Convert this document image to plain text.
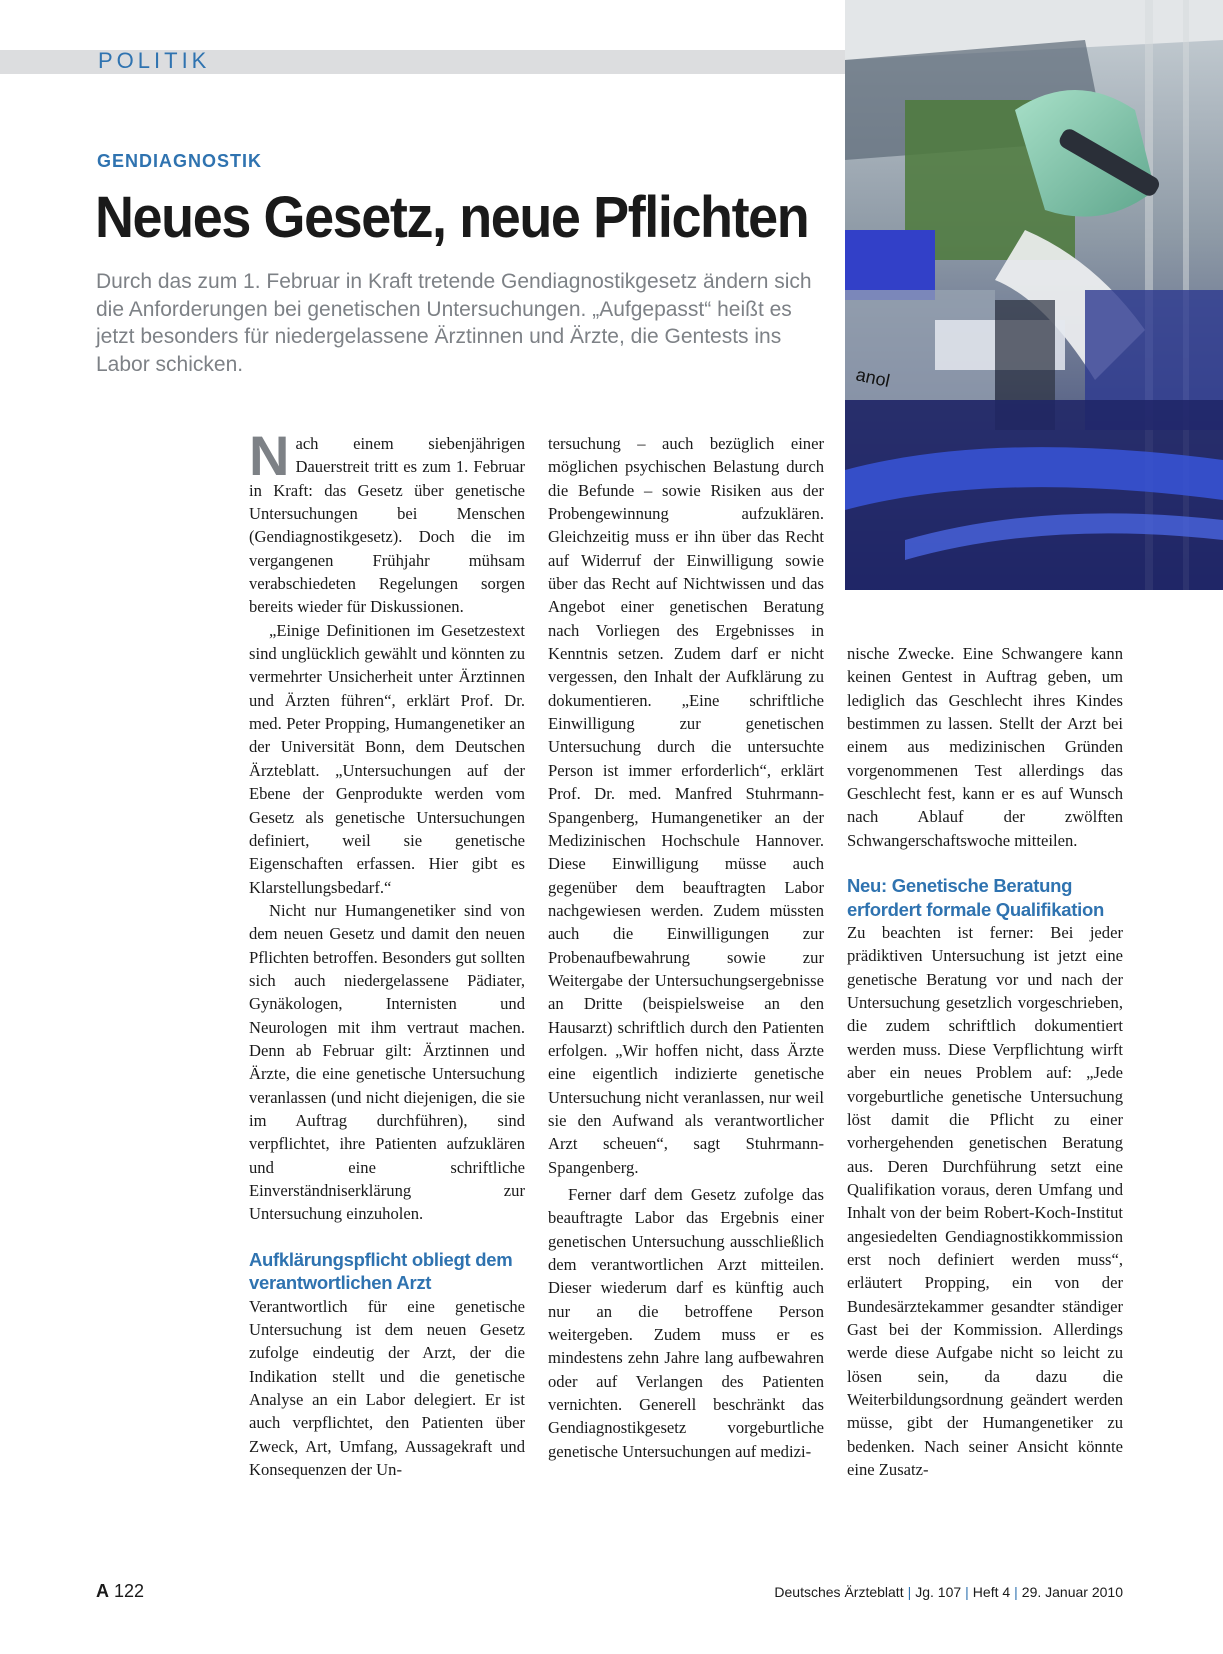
POLITIK
anol
GENDIAGNOSTIK
Neues Gesetz, neue Pflichten
Durch das zum 1. Februar in Kraft tretende Gendiagnostikgesetz ändern sich die Anforderungen bei genetischen Untersuchungen. „Aufgepasst“ heißt es jetzt besonders für niedergelassene Ärztinnen und Ärzte, die Gentests ins Labor schicken.

Nach einem siebenjährigen Dauerstreit tritt es zum 1. Februar in Kraft: das Gesetz über genetische Untersuchungen bei Menschen (Gendiagnostikgesetz). Doch die im vergangenen Frühjahr mühsam verabschiedeten Regelungen sorgen bereits wieder für Diskussionen.

„Einige Definitionen im Gesetzestext sind unglücklich gewählt und könnten zu vermehrter Unsicherheit unter Ärztinnen und Ärzten führen“, erklärt Prof. Dr. med. Peter Propping, Humangenetiker an der Universität Bonn, dem Deutschen Ärzteblatt. „Untersuchungen auf der Ebene der Genprodukte werden vom Gesetz als genetische Untersuchungen definiert, weil sie genetische Eigenschaften erfassen. Hier gibt es Klarstellungsbedarf.“

Nicht nur Humangenetiker sind von dem neuen Gesetz und damit den neuen Pflichten betroffen. Besonders gut sollten sich auch niedergelassene Pädiater, Gynäkologen, Internisten und Neurologen mit ihm vertraut machen. Denn ab Februar gilt: Ärztinnen und Ärzte, die eine genetische Untersuchung veranlassen (und nicht diejenigen, die sie im Auftrag durchführen), sind verpflichtet, ihre Patienten aufzuklären und eine schriftliche Einverständniserklärung zur Untersuchung einzuholen.

Aufklärungspflicht obliegt dem verantwortlichen Arzt

Verantwortlich für eine genetische Untersuchung ist dem neuen Gesetz zufolge eindeutig der Arzt, der die Indikation stellt und die genetische Analyse an ein Labor delegiert. Er ist auch verpflichtet, den Patienten über Zweck, Art, Umfang, Aussagekraft und Konsequenzen der Un-

tersuchung – auch bezüglich einer möglichen psychischen Belastung durch die Befunde – sowie Risiken aus der Probengewinnung aufzuklären. Gleichzeitig muss er ihn über das Recht auf Widerruf der Einwilligung sowie über das Recht auf Nichtwissen und das Angebot einer genetischen Beratung nach Vorliegen des Ergebnisses in Kenntnis setzen. Zudem darf er nicht vergessen, den Inhalt der Aufklärung zu dokumentieren. „Eine schriftliche Einwilligung zur genetischen Untersuchung durch die untersuchte Person ist immer erforderlich“, erklärt Prof. Dr. med. Manfred Stuhrmann-Spangenberg, Humangenetiker an der Medizinischen Hochschule Hannover. Diese Einwilligung müsse auch gegenüber dem beauftragten Labor nachgewiesen werden. Zudem müssten auch die Einwilligungen zur Probenaufbewahrung sowie zur Weitergabe der Untersuchungsergebnisse an Dritte (beispielsweise an den Hausarzt) schriftlich durch den Patienten erfolgen. „Wir hoffen nicht, dass Ärzte eine eigentlich indizierte genetische Untersuchung nicht veranlassen, nur weil sie den Aufwand als verantwortlicher Arzt scheuen“, sagt Stuhrmann-Spangenberg.

Ferner darf dem Gesetz zufolge das beauftragte Labor das Ergebnis einer genetischen Untersuchung ausschließlich dem verantwortlichen Arzt mitteilen. Dieser wiederum darf es künftig auch nur an die betroffene Person weitergeben. Zudem muss er es mindestens zehn Jahre lang aufbewahren oder auf Verlangen des Patienten vernichten. Generell beschränkt das Gendiagnostikgesetz vorgeburtliche genetische Untersuchungen auf medizi-

nische Zwecke. Eine Schwangere kann keinen Gentest in Auftrag geben, um lediglich das Geschlecht ihres Kindes bestimmen zu lassen. Stellt der Arzt bei einem aus medizinischen Gründen vorgenommenen Test allerdings das Geschlecht fest, kann er es auf Wunsch nach Ablauf der zwölften Schwangerschaftswoche mitteilen.

Neu: Genetische Beratung erfordert formale Qualifikation

Zu beachten ist ferner: Bei jeder prädiktiven Untersuchung ist jetzt eine genetische Beratung vor und nach der Untersuchung gesetzlich vorgeschrieben, die zudem schriftlich dokumentiert werden muss. Diese Verpflichtung wirft aber ein neues Problem auf: „Jede vorgeburtliche genetische Untersuchung löst damit die Pflicht zu einer vorhergehenden genetischen Beratung aus. Deren Durchführung setzt eine Qualifikation voraus, deren Umfang und Inhalt von der beim Robert-Koch-Institut angesiedelten Gendiagnostikkommission erst noch definiert werden muss“, erläutert Propping, ein von der Bundesärztekammer gesandter ständiger Gast bei der Kommission. Allerdings werde diese Aufgabe nicht so leicht zu lösen sein, da dazu die Weiterbildungsordnung geändert werden müsse, gibt der Humangenetiker zu bedenken. Nach seiner Ansicht könnte eine Zusatz-

A 122	Deutsches Ärzteblatt | Jg. 107 | Heft 4 | 29. Januar 2010
